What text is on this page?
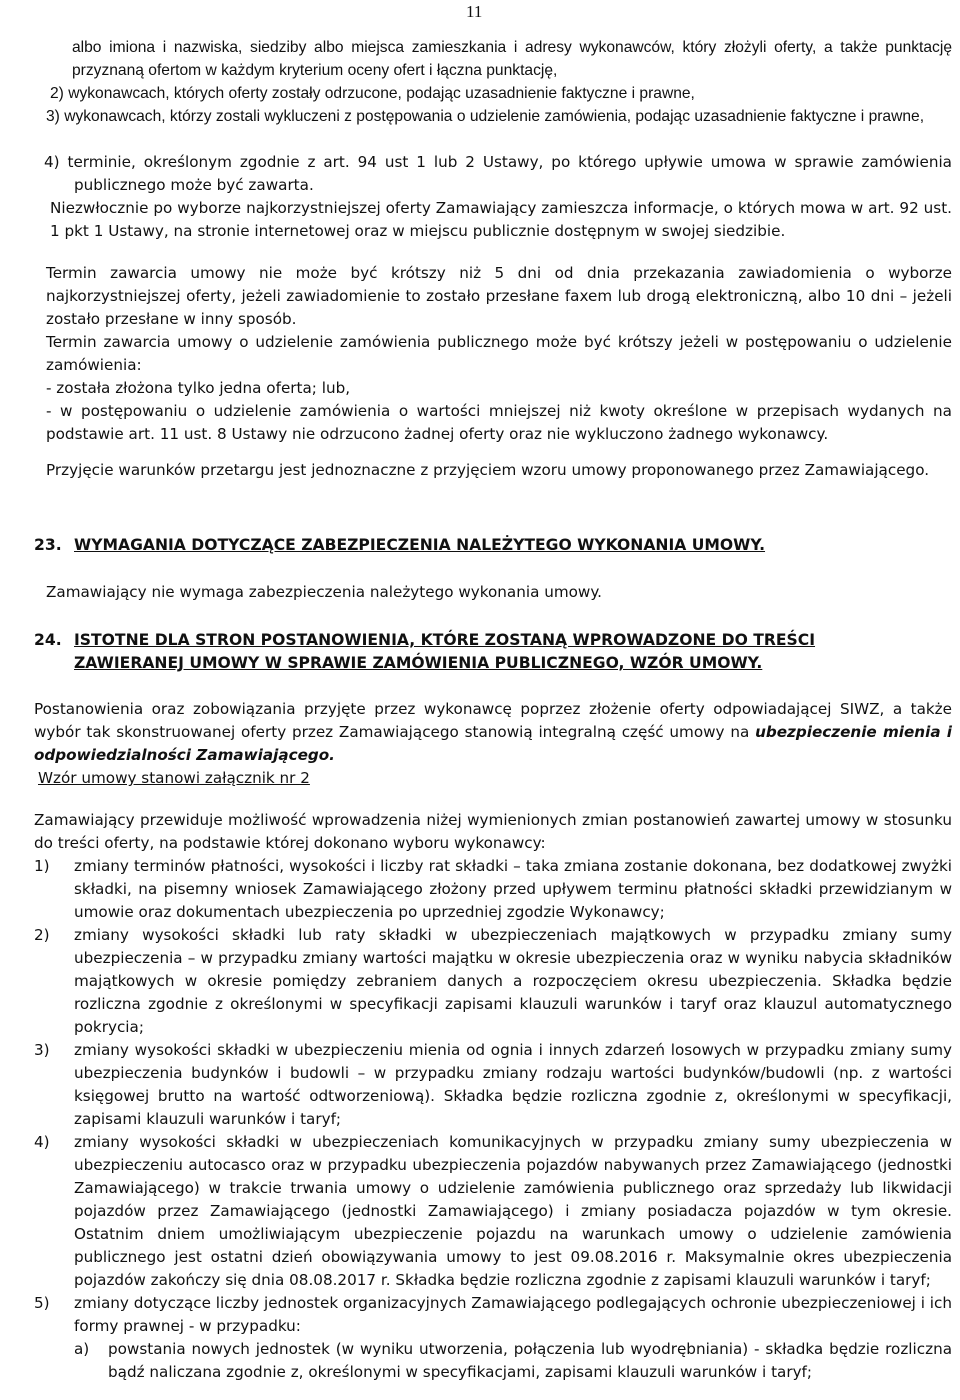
11

albo imiona i nazwiska, siedziby albo miejsca zamieszkania i adresy wykonawców, który złożyli oferty, a także punktację przyznaną ofertom w każdym kryterium oceny ofert i łączna punktację,

2) wykonawcach, których oferty zostały odrzucone, podając uzasadnienie faktyczne i prawne,

3) wykonawcach, którzy zostali wykluczeni z postępowania o udzielenie zamówienia, podając uzasadnienie faktyczne i prawne,

4) terminie, określonym zgodnie z art. 94 ust 1 lub 2 Ustawy, po którego upływie umowa w sprawie zamówienia publicznego może być zawarta.

Niezwłocznie po wyborze najkorzystniejszej oferty Zamawiający zamieszcza informacje, o których mowa w art. 92 ust. 1 pkt 1 Ustawy, na stronie internetowej oraz w miejscu publicznie dostępnym w swojej siedzibie.

Termin zawarcia umowy nie może być krótszy niż 5 dni od dnia przekazania zawiadomienia o wyborze najkorzystniejszej oferty, jeżeli zawiadomienie to zostało przesłane faxem lub drogą elektroniczną, albo 10 dni – jeżeli zostało przesłane w inny sposób.

Termin zawarcia umowy o udzielenie zamówienia publicznego może być krótszy jeżeli w postępowaniu o udzielenie zamówienia:

- została złożona tylko jedna oferta; lub,

- w postępowaniu o udzielenie zamówienia o wartości mniejszej niż kwoty określone w przepisach wydanych na podstawie art. 11 ust. 8 Ustawy nie odrzucono żadnej oferty oraz nie wykluczono żadnego wykonawcy.

Przyjęcie warunków przetargu jest jednoznaczne z przyjęciem wzoru umowy proponowanego przez Zamawiającego.

23. WYMAGANIA DOTYCZĄCE ZABEZPIECZENIA NALEŻYTEGO WYKONANIA UMOWY.

Zamawiający nie wymaga zabezpieczenia należytego wykonania umowy.

24. ISTOTNE DLA STRON POSTANOWIENIA, KTÓRE ZOSTANĄ WPROWADZONE DO TREŚCI
ZAWIERANEJ UMOWY W SPRAWIE ZAMÓWIENIA PUBLICZNEGO, WZÓR UMOWY.

Postanowienia oraz zobowiązania przyjęte przez wykonawcę poprzez złożenie oferty odpowiadającej SIWZ, a także wybór tak skonstruowanej oferty przez Zamawiającego stanowią integralną część umowy na ubezpieczenie mienia i odpowiedzialności Zamawiającego.

Wzór umowy stanowi załącznik nr 2

Zamawiający przewiduje możliwość wprowadzenia niżej wymienionych zmian postanowień zawartej umowy w stosunku do treści oferty, na podstawie której dokonano wyboru wykonawcy:

1) zmiany terminów płatności, wysokości i liczby rat składki – taka zmiana zostanie dokonana, bez dodatkowej zwyżki składki, na pisemny wniosek Zamawiającego złożony przed upływem terminu płatności składki przewidzianym w umowie oraz dokumentach ubezpieczenia po uprzedniej zgodzie Wykonawcy;
2) zmiany wysokości składki lub raty składki w ubezpieczeniach majątkowych w przypadku zmiany sumy ubezpieczenia – w przypadku zmiany wartości majątku w okresie ubezpieczenia oraz w wyniku nabycia składników majątkowych w okresie pomiędzy zebraniem danych a rozpoczęciem okresu ubezpieczenia. Składka będzie rozliczna zgodnie z określonymi w specyfikacji zapisami klauzuli warunków i taryf oraz klauzul automatycznego pokrycia;
3) zmiany wysokości składki w ubezpieczeniu mienia od ognia i innych zdarzeń losowych w przypadku zmiany sumy ubezpieczenia budynków i budowli – w przypadku zmiany rodzaju wartości budynków/budowli (np. z wartości księgowej brutto na wartość odtworzeniową). Składka będzie rozliczna zgodnie z, określonymi w specyfikacji, zapisami klauzuli warunków i taryf;
4) zmiany wysokości składki w ubezpieczeniach komunikacyjnych w przypadku zmiany sumy ubezpieczenia w ubezpieczeniu autocasco oraz w przypadku ubezpieczenia pojazdów nabywanych przez Zamawiającego (jednostki Zamawiającego) w trakcie trwania umowy o udzielenie zamówienia publicznego oraz sprzedaży lub likwidacji pojazdów przez Zamawiającego (jednostki Zamawiającego) i zmiany posiadacza pojazdów w tym okresie. Ostatnim dniem umożliwiającym ubezpieczenie pojazdu na warunkach umowy o udzielenie zamówienia publicznego jest ostatni dzień obowiązywania umowy to jest 09.08.2016 r. Maksymalnie okres ubezpieczenia pojazdów zakończy się dnia 08.08.2017 r. Składka będzie rozliczna zgodnie z zapisami klauzuli warunków i taryf;
5) zmiany dotyczące liczby jednostek organizacyjnych Zamawiającego podlegających ochronie ubezpieczeniowej i ich formy prawnej - w przypadku:
a) powstania nowych jednostek (w wyniku utworzenia, połączenia lub wyodrębniania) - składka będzie rozliczna bądź naliczana zgodnie z, określonymi w specyfikacjami, zapisami klauzuli warunków i taryf;
